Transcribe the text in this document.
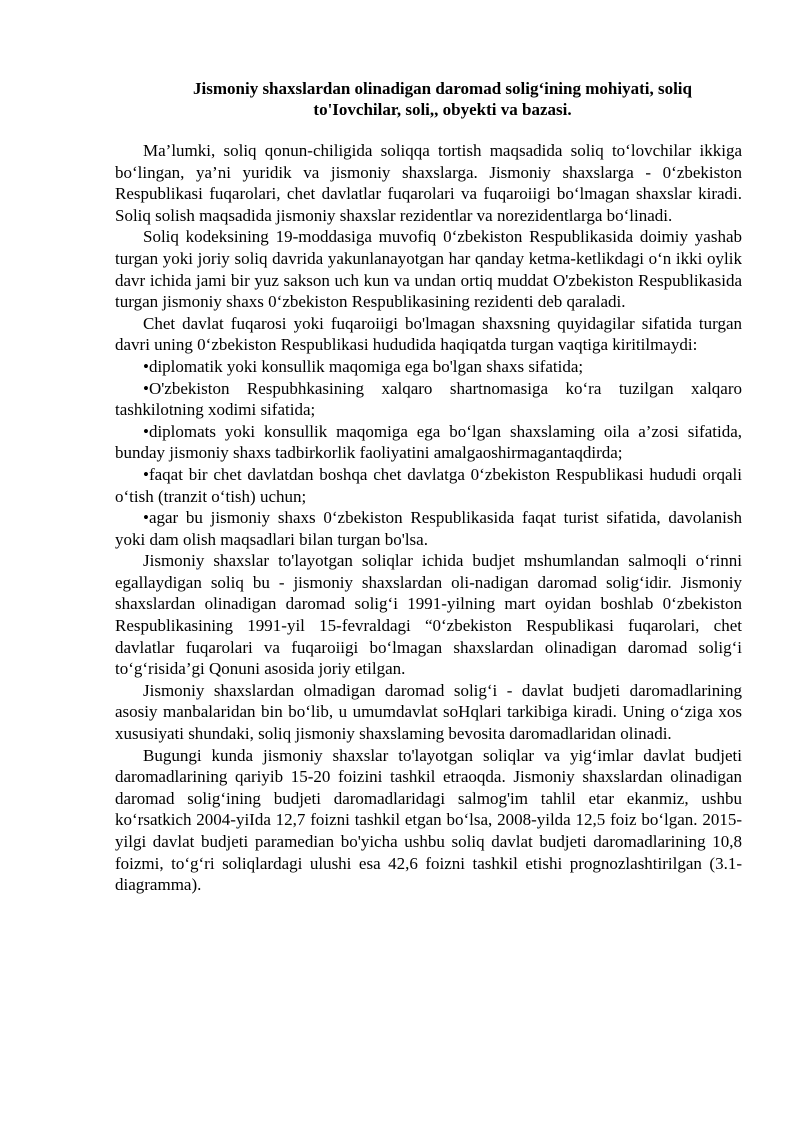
Jismoniy shaxslardan olinadigan daromad solig‘ining mohiyati, soliq
to'Iovchilar, soli,, obyekti va bazasi.

Ma’lumki, soliq qonun-chiligida soliqqa tortish maqsadida soliq to‘lovchilar ikkiga bo‘lingan, ya’ni yuridik va jismoniy shaxslarga. Jismoniy shaxslarga - 0‘zbekiston Respublikasi fuqarolari, chet davlatlar fuqarolari va fuqaroiigi bo‘lmagan shaxslar kiradi. Soliq solish maqsadida jismoniy shaxslar rezidentlar va norezidentlarga bo‘linadi.

Soliq kodeksining 19-moddasiga muvofiq 0‘zbekiston Respublikasida doimiy yashab turgan yoki joriy soliq davrida yakunlanayotgan har qanday ketma-ketlikdagi o‘n ikki oylik davr ichida jami bir yuz sakson uch kun va undan ortiq muddat O'zbekiston Respublikasida turgan jismoniy shaxs 0‘zbekiston Respublikasining rezidenti deb qaraladi.

Chet davlat fuqarosi yoki fuqaroiigi bo'lmagan shaxsning quyidagilar sifatida turgan davri uning 0‘zbekiston Respublikasi hududida haqiqatda turgan vaqtiga kiritilmaydi:

•diplomatik yoki konsullik maqomiga ega bo'lgan shaxs sifatida;

•O'zbekiston Respubhkasining xalqaro shartnomasiga ko‘ra tuzilgan xalqaro tashkilotning xodimi sifatida;

•diplomats yoki konsullik maqomiga ega bo‘lgan shaxslaming oila a’zosi sifatida, bunday jismoniy shaxs tadbirkorlik faoliyatini amalgaoshirmagantaqdirda;

•faqat bir chet davlatdan boshqa chet davlatga 0‘zbekiston Respublikasi hududi orqali o‘tish (tranzit o‘tish) uchun;

•agar bu jismoniy shaxs 0‘zbekiston Respublikasida faqat turist sifatida, davolanish yoki dam olish maqsadlari bilan turgan bo'lsa.

Jismoniy shaxslar to'layotgan soliqlar ichida budjet mshumlandan salmoqli o‘rinni egallaydigan soliq bu - jismoniy shaxslardan oli-nadigan daromad solig‘idir. Jismoniy shaxslardan olinadigan daromad solig‘i 1991-yilning mart oyidan boshlab 0‘zbekiston Respublikasining 1991-yil 15-fevraldagi “0‘zbekiston Respublikasi fuqarolari, chet davlatlar fuqarolari va fuqaroiigi bo‘lmagan shaxslardan olinadigan daromad solig‘i to‘g‘risida’gi Qonuni asosida joriy etilgan.

Jismoniy shaxslardan olmadigan daromad solig‘i - davlat budjeti daromadlarining asosiy manbalaridan bin bo‘lib, u umumdavlat soHqlari tarkibiga kiradi. Uning o‘ziga xos xususiyati shundaki, soliq jismoniy shaxslaming bevosita daromadlaridan olinadi.

Bugungi kunda jismoniy shaxslar to'layotgan soliqlar va yig‘imlar davlat budjeti daromadlarining qariyib 15-20 foizini tashkil etraoqda. Jismoniy shaxslardan olinadigan daromad solig‘ining budjeti daromadlaridagi salmog'im tahlil etar ekanmiz, ushbu ko‘rsatkich 2004-yiIda 12,7 foizni tashkil etgan bo‘lsa, 2008-yilda 12,5 foiz bo‘lgan. 2015-yilgi davlat budjeti paramedian bo'yicha ushbu soliq davlat budjeti daromadlarining 10,8 foizmi, to‘g‘ri soliqlardagi ulushi esa 42,6 foizni tashkil etishi prognozlashtirilgan (3.1-diagramma).
